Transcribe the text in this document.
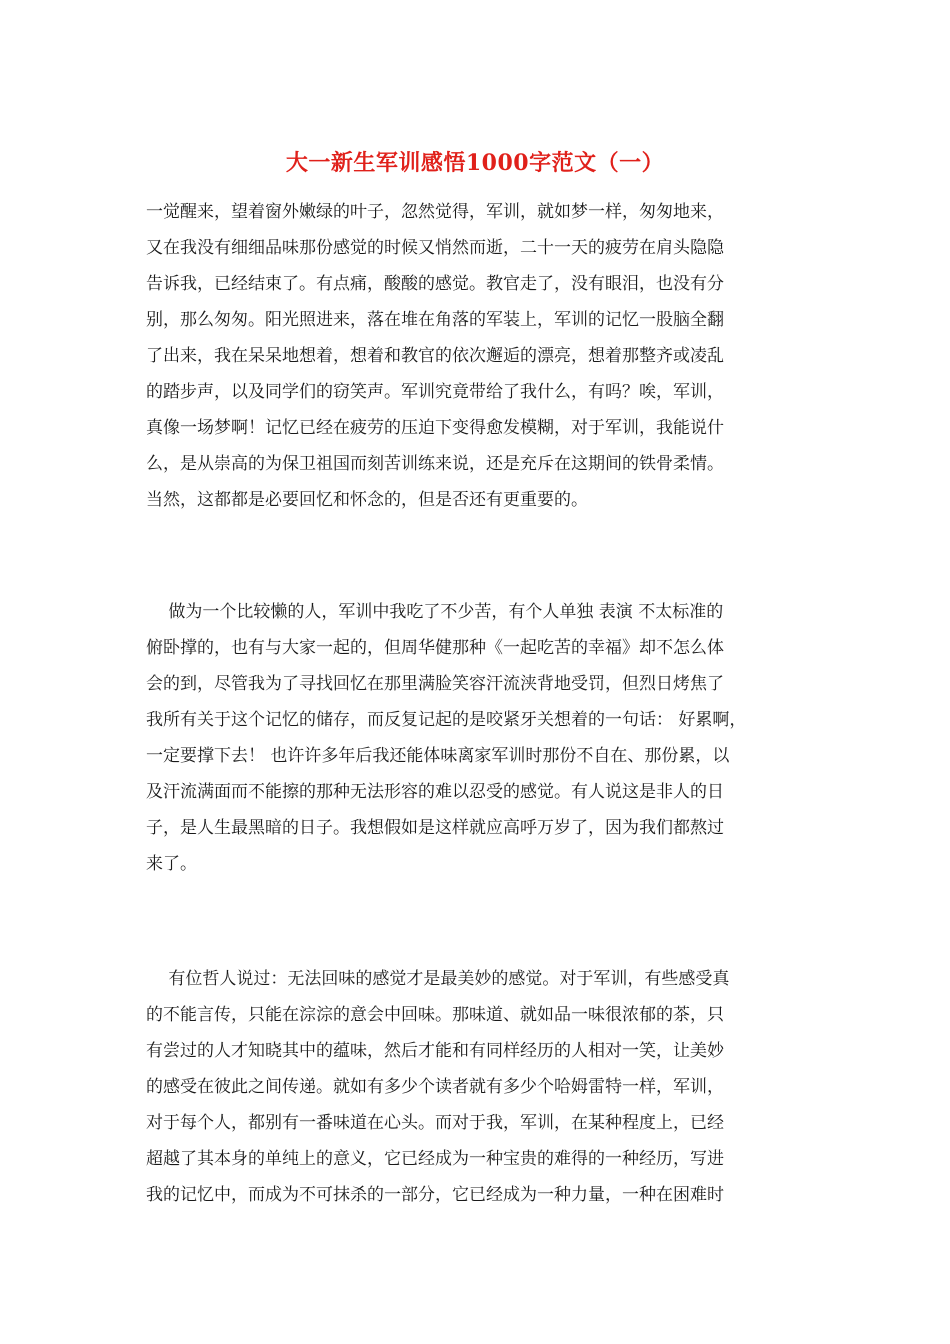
大一新生军训感悟1000字范文（一）
一觉醒来，望着窗外嫩绿的叶子，忽然觉得，军训，就如梦一样，匆匆地来，
又在我没有细细品味那份感觉的时候又悄然而逝，二十一天的疲劳在肩头隐隐
告诉我，已经结束了。有点痛，酸酸的感觉。教官走了，没有眼泪，也没有分
别，那么匆匆。阳光照进来，落在堆在角落的军装上，军训的记忆一股脑全翻
了出来，我在呆呆地想着，想着和教官的依次邂逅的漂亮，想着那整齐或凌乱
的踏步声，以及同学们的窃笑声。军训究竟带给了我什么，有吗？唉，军训，
真像一场梦啊！记忆已经在疲劳的压迫下变得愈发模糊，对于军训，我能说什
么，是从崇高的为保卫祖国而刻苦训练来说，还是充斥在这期间的铁骨柔情。
当然，这都都是必要回忆和怀念的，但是否还有更重要的。
　 做为一个比较懒的人，军训中我吃了不少苦，有个人单独 表演 不太标准的
俯卧撑的，也有与大家一起的，但周华健那种《一起吃苦的幸福》却不怎么体
会的到，尽管我为了寻找回忆在那里满脸笑容汗流浃背地受罚，但烈日烤焦了
我所有关于这个记忆的储存，而反复记起的是咬紧牙关想着的一句话： 好累啊，
一定要撑下去！ 也许许多年后我还能体味离家军训时那份不自在、那份累，以
及汗流满面而不能擦的那种无法形容的难以忍受的感觉。有人说这是非人的日
子，是人生最黑暗的日子。我想假如是这样就应高呼万岁了，因为我们都熬过
来了。
　 有位哲人说过：无法回味的感觉才是最美妙的感觉。对于军训，有些感受真
的不能言传，只能在淙淙的意会中回味。那味道、就如品一味很浓郁的茶，只
有尝过的人才知晓其中的蕴味，然后才能和有同样经历的人相对一笑，让美妙
的感受在彼此之间传递。就如有多少个读者就有多少个哈姆雷特一样，军训，
对于每个人，都别有一番味道在心头。而对于我，军训，在某种程度上，已经
超越了其本身的单纯上的意义，它已经成为一种宝贵的难得的一种经历，写进
我的记忆中，而成为不可抹杀的一部分，它已经成为一种力量，一种在困难时
